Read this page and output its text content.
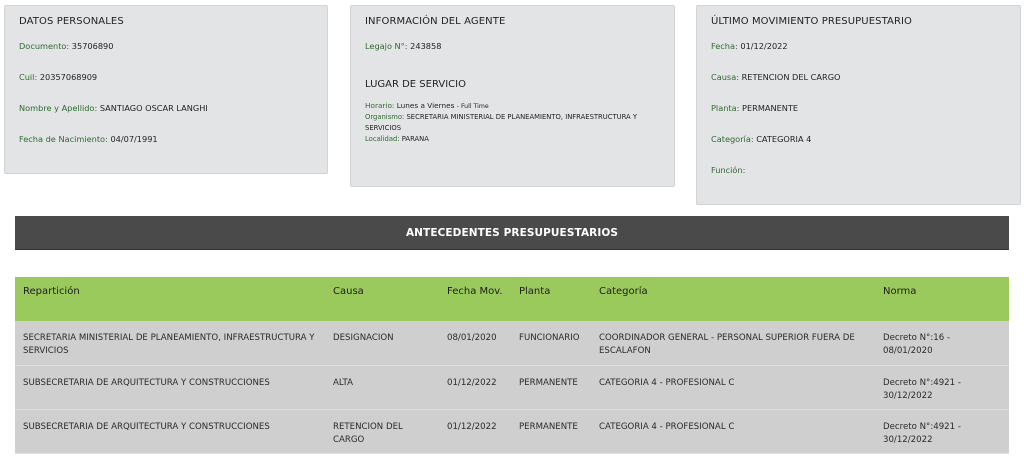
DATOS PERSONALES
Documento: 35706890
Cuil: 20357068909
Nombre y Apellido: SANTIAGO OSCAR LANGHI
Fecha de Nacimiento: 04/07/1991
INFORMACIÓN DEL AGENTE
Legajo N°: 243858
LUGAR DE SERVICIO
Horario: Lunes a Viernes - Full Time
Organismo: SECRETARIA MINISTERIAL DE PLANEAMIENTO, INFRAESTRUCTURA Y SERVICIOS
Localidad: PARANA
ÚLTIMO MOVIMIENTO PRESUPUESTARIO
Fecha: 01/12/2022
Causa: RETENCION DEL CARGO
Planta: PERMANENTE
Categoría: CATEGORIA 4
Función:
ANTECEDENTES PRESUPUESTARIOS
Repartición	Causa	Fecha Mov.	Planta	Categoría	Norma
SECRETARIA MINISTERIAL DE PLANEAMIENTO, INFRAESTRUCTURA Y SERVICIOS	DESIGNACION	08/01/2020	FUNCIONARIO	COORDINADOR GENERAL - PERSONAL SUPERIOR FUERA DE ESCALAFON	Decreto N°:16 - 08/01/2020
SUBSECRETARIA DE ARQUITECTURA Y CONSTRUCCIONES	ALTA	01/12/2022	PERMANENTE	CATEGORIA 4 - PROFESIONAL C	Decreto N°:4921 - 30/12/2022
SUBSECRETARIA DE ARQUITECTURA Y CONSTRUCCIONES	RETENCION DEL CARGO	01/12/2022	PERMANENTE	CATEGORIA 4 - PROFESIONAL C	Decreto N°:4921 - 30/12/2022
